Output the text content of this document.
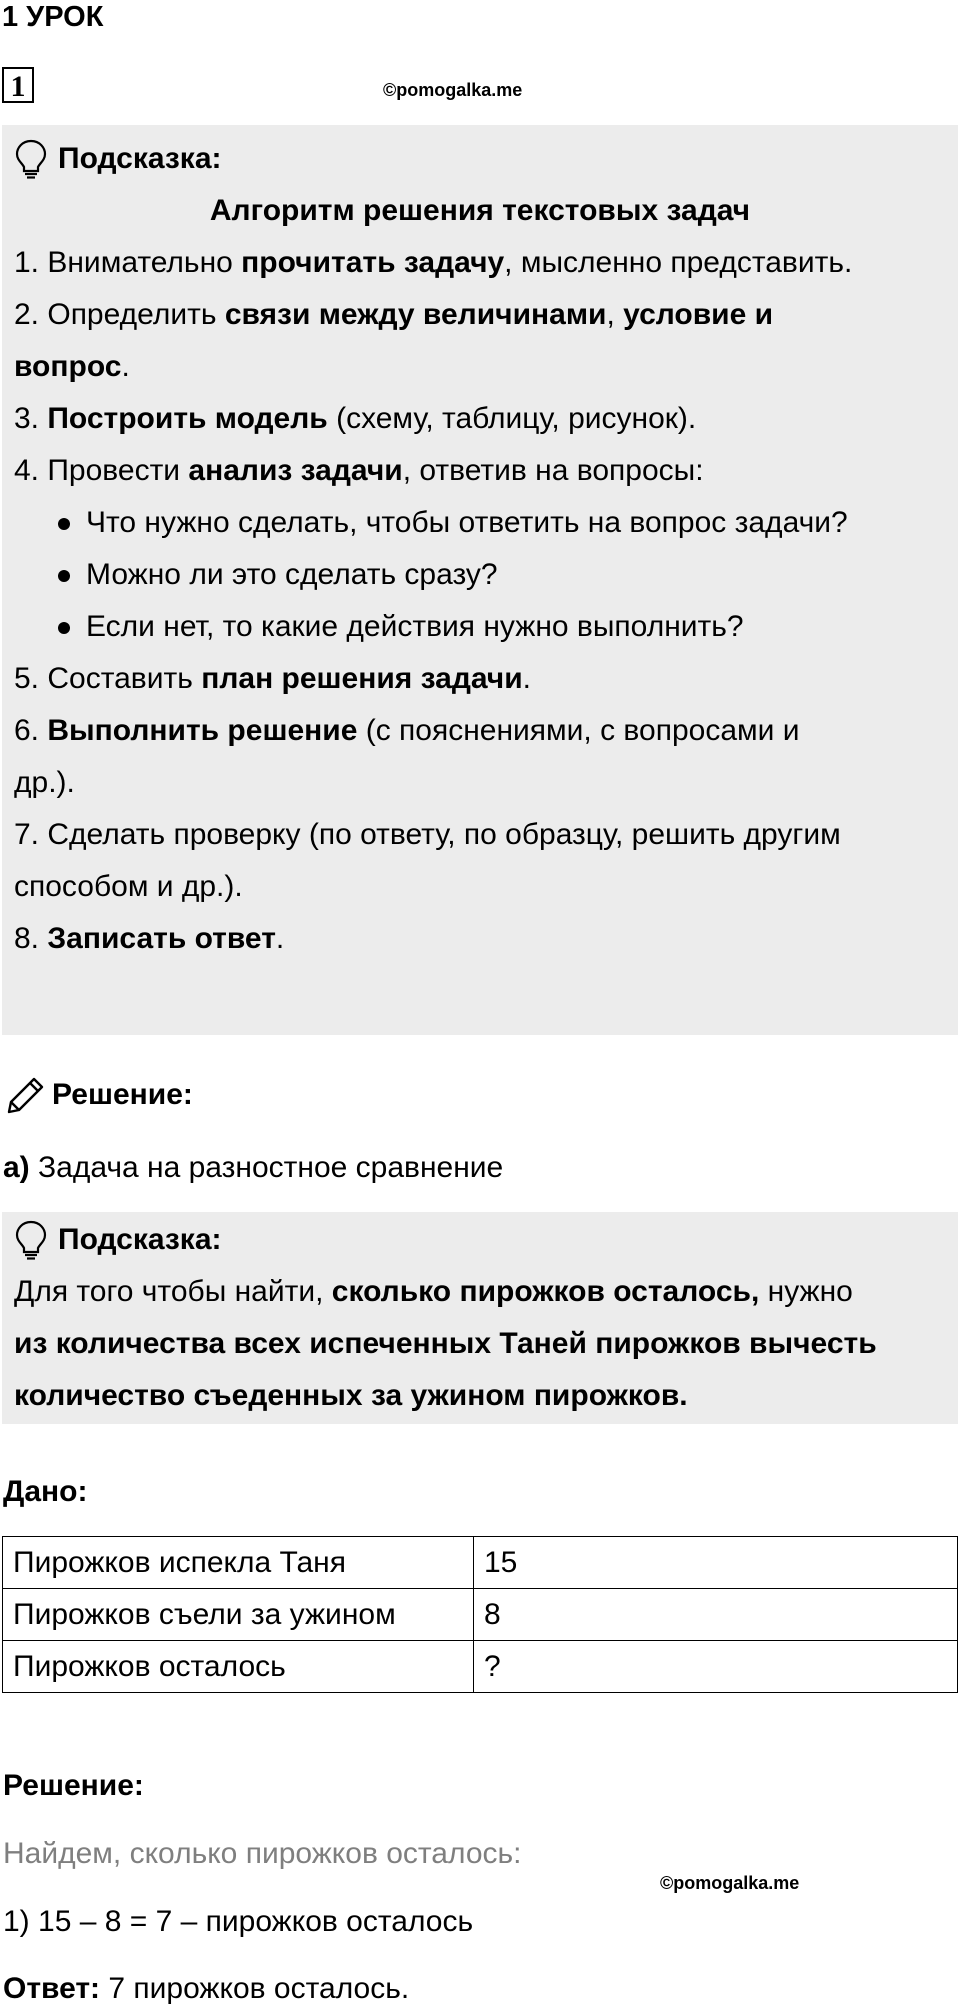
1 УРОК
1	©pomogalka.me
Подсказка:
Алгоритм решения текстовых задач

1. Внимательно прочитать задачу, мысленно представить.

2. Определить связи между величинами, условие и
вопрос.

3. Построить модель (схему, таблицу, рисунок).

4. Провести анализ задачи, ответив на вопросы:

Что нужно сделать, чтобы ответить на вопрос задачи?
Можно ли это сделать сразу?
Если нет, то какие действия нужно выполнить?

5. Составить план решения задачи.

6. Выполнить решение (с пояснениями, с вопросами и
др.).

7. Сделать проверку (по ответу, по образцу, решить другим
способом и др.).

8. Записать ответ.

Решение:
а) Задача на разностное сравнение
Подсказка:

Для того чтобы найти, сколько пирожков осталось, нужно

из количества всех испеченных Таней пирожков вычесть

количество съеденных за ужином пирожков.

Дано:
Пирожков испекла Таня	15
Пирожков съели за ужином	8
Пирожков осталось	?
Решение:
Найдем, сколько пирожков осталось:
©pomogalka.me
1) 15 – 8 = 7 – пирожков осталось
Ответ: 7 пирожков осталось.
